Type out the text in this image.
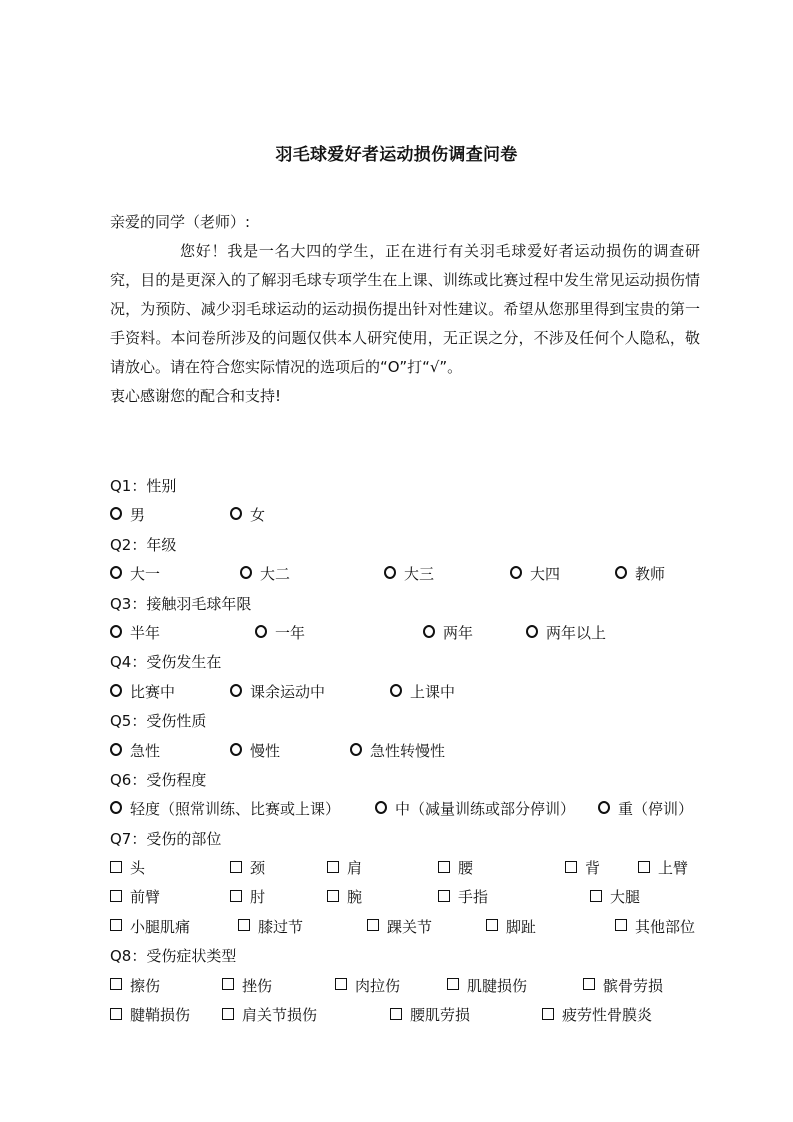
羽毛球爱好者运动损伤调查问卷

亲爱的同学（老师）:

您好！我是一名大四的学生，正在进行有关羽毛球爱好者运动损伤的调查研究，目的是更深入的了解羽毛球专项学生在上课、训练或比赛过程中发生常见运动损伤情况，为预防、减少羽毛球运动的运动损伤提出针对性建议。希望从您那里得到宝贵的第一手资料。本问卷所涉及的问题仅供本人研究使用，无正误之分，不涉及任何个人隐私，敬请放心。请在符合您实际情况的选项后的“O”打“√”。

衷心感谢您的配合和支持!

Q1：性别
男	女
Q2：年级
大一	大二	大三	大四	教师
Q3：接触羽毛球年限
半年	一年	两年	两年以上
Q4：受伤发生在
比赛中	课余运动中	上课中
Q5：受伤性质
急性	慢性	急性转慢性
Q6：受伤程度
轻度（照常训练、比赛或上课）	中（减量训练或部分停训）	重（停训）
Q7：受伤的部位
头	颈	肩	腰	背	上臂
前臂	肘	腕	手指	大腿
小腿肌痛	膝过节	踝关节	脚趾	其他部位
Q8：受伤症状类型
擦伤	挫伤	肉拉伤	肌腱损伤	髌骨劳损
腱鞘损伤	肩关节损伤	腰肌劳损	疲劳性骨膜炎
